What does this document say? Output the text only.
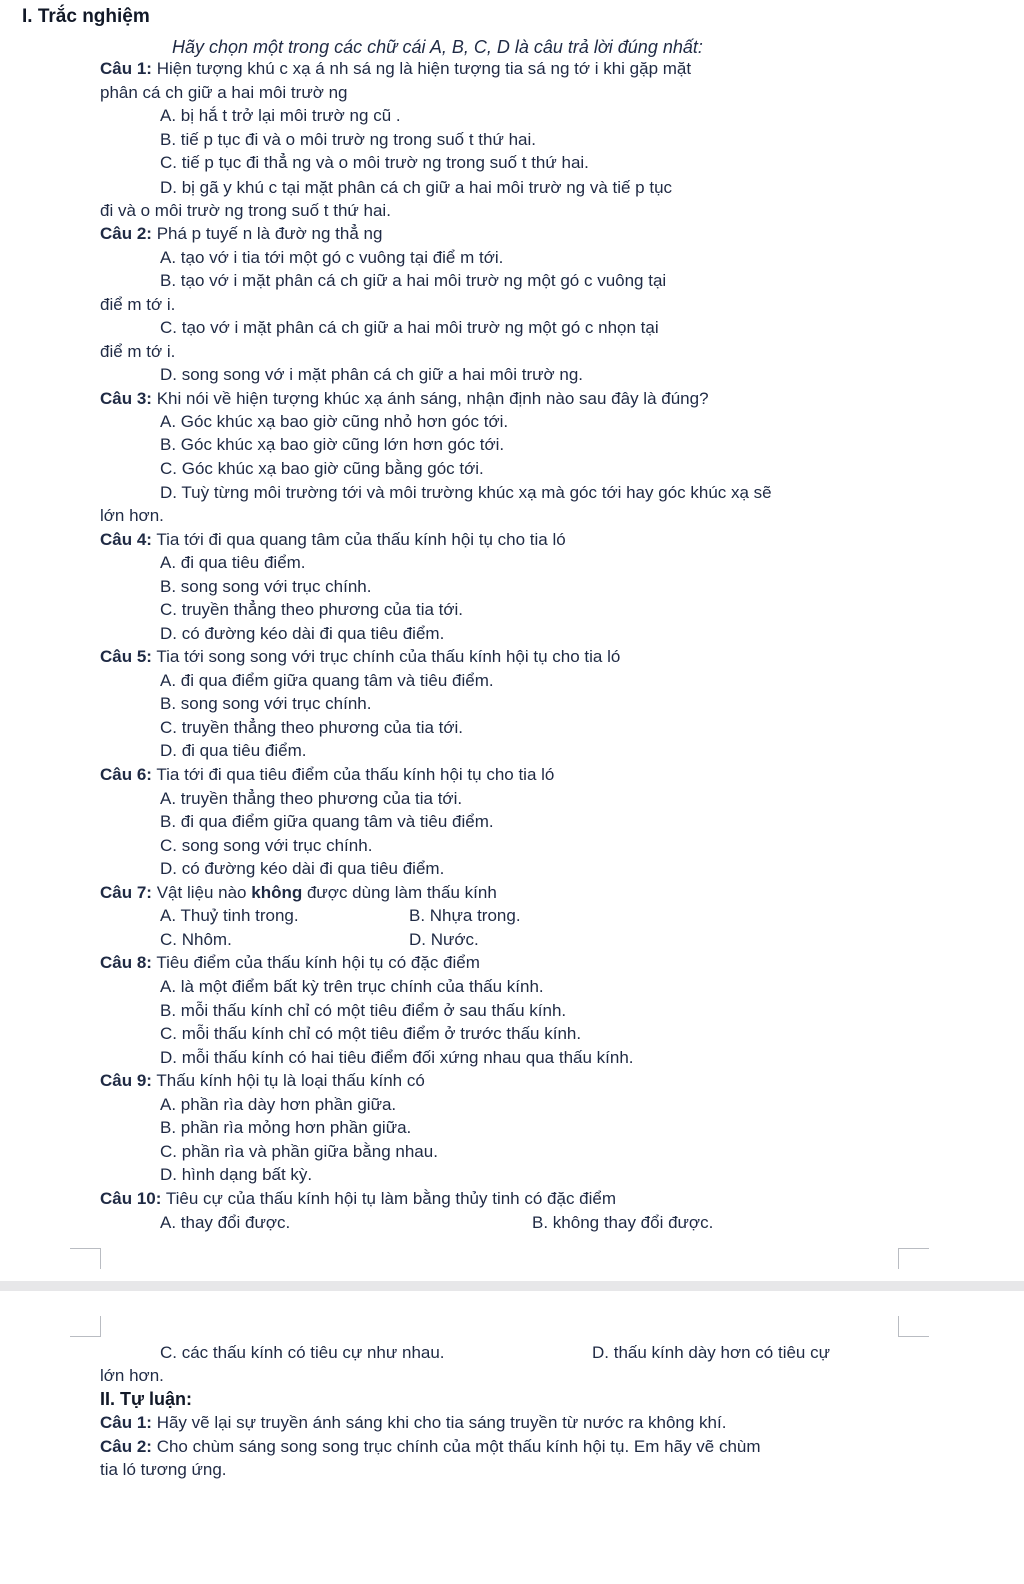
I. Trắc nghiệm
Hãy chọn một trong các chữ cái A, B, C, D là câu trả lời đúng nhất:
Câu 1: Hiện tượng khú c xạ á nh sá ng là hiện tượng tia sá ng tớ i khi gặp mặt
phân cá ch giữ a hai môi trườ ng
A. bị hắ t trở lại môi trườ ng cũ .
B. tiế p tục đi và o môi trườ ng trong suố t thứ hai.
C. tiế p tục đi thẳ ng và o môi trườ ng trong suố t thứ hai.
D. bị gã y khú c tại mặt phân cá ch giữ a hai môi trườ ng và tiế p tục
đi và o môi trườ ng trong suố t thứ hai.
Câu 2: Phá p tuyế n là đườ ng thẳ ng
A. tạo vớ i tia tới một gó c vuông tại điể m tới.
B. tạo vớ i mặt phân cá ch giữ a hai môi trườ ng một gó c vuông tại
điể m tớ i.
C. tạo vớ i mặt phân cá ch giữ a hai môi trườ ng một gó c nhọn tại
điể m tớ i.
D. song song vớ i mặt phân cá ch giữ a hai môi trườ ng.
Câu 3: Khi nói về hiện tượng khúc xạ ánh sáng, nhận định nào sau đây là đúng?
A. Góc khúc xạ bao giờ cũng nhỏ hơn góc tới.
B. Góc khúc xạ bao giờ cũng lớn hơn góc tới.
C. Góc khúc xạ bao giờ cũng bằng góc tới.
D. Tuỳ từng môi trường tới và môi trường khúc xạ mà góc tới hay góc khúc xạ sẽ
lớn hơn.
Câu 4: Tia tới đi qua quang tâm của thấu kính hội tụ cho tia ló
A. đi qua tiêu điểm.
B. song song với trục chính.
C. truyền thẳng theo phương của tia tới.
D. có đường kéo dài đi qua tiêu điểm.
Câu 5: Tia tới song song với trục chính của thấu kính hội tụ cho tia ló
A. đi qua điểm giữa quang tâm và tiêu điểm.
B. song song với trục chính.
C. truyền thẳng theo phương của tia tới.
D. đi qua tiêu điểm.
Câu 6: Tia tới đi qua tiêu điểm của thấu kính hội tụ cho tia ló
A. truyền thẳng theo phương của tia tới.
B. đi qua điểm giữa quang tâm và tiêu điểm.
C. song song với trục chính.
D. có đường kéo dài đi qua tiêu điểm.
Câu 7: Vật liệu nào không được dùng làm thấu kính
A. Thuỷ tinh trong.	B. Nhựa trong.
C. Nhôm.	D. Nước.
Câu 8: Tiêu điểm của thấu kính hội tụ có đặc điểm
A. là một điểm bất kỳ trên trục chính của thấu kính.
B. mỗi thấu kính chỉ có một tiêu điểm ở sau thấu kính.
C. mỗi thấu kính chỉ có một tiêu điểm ở trước thấu kính.
D. mỗi thấu kính có hai tiêu điểm đối xứng nhau qua thấu kính.
Câu 9: Thấu kính hội tụ là loại thấu kính có
A. phần rìa dày hơn phần giữa.
B. phần rìa mỏng hơn phần giữa.
C. phần rìa và phần giữa bằng nhau.
D. hình dạng bất kỳ.
Câu 10: Tiêu cự của thấu kính hội tụ làm bằng thủy tinh có đặc điểm
A. thay đổi được.	B. không thay đổi được.
C. các thấu kính có tiêu cự như nhau.	D. thấu kính dày hơn có tiêu cự
lớn hơn.
II. Tự luận:
Câu 1: Hãy vẽ lại sự truyền ánh sáng khi cho tia sáng truyền từ nước ra không khí.
Câu 2: Cho chùm sáng song song trục chính của một thấu kính hội tụ. Em hãy vẽ chùm
tia ló tương ứng.
